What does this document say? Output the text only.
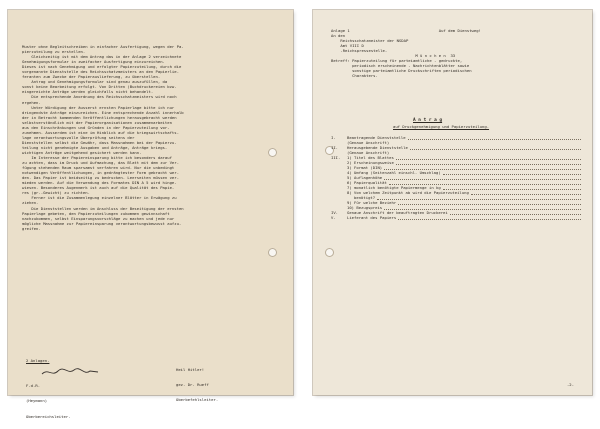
Muster ohne Begleitschreiben in einfacher Ausfertigung, wegen der Pa-

pierzuteilung zu erstellen.

Gleichzeitig ist mit dem Antrag das in der Anlage 2 verzeichnete

Genehmigungsformular in zweifacher Ausfertigung einzureichen.

Dieses ist nach Genehmigung und erfolgter Papierzuteilung, durch die

vorgenannte Dienststelle des Reichsschatzmeisters an den Papierlie-

feranten zum Zwecke der Papierauslieferung, zu überstellen.

Antrag und Genehmigungsformular sind genau auszufüllen, da

sonst keine Bearbeitung erfolgt. Von Dritten (Buchdruckereien bzw.

eingereichte Anträge werden gleichfalls nicht behandelt.

Die entsprechende Anordnung des Reichsschatzmeisters wird noch

ergehen.

Unter Würdigung der äusserst ernsten Papierlage bitte ich nur

dringendste Anträge einzureichen. Eine entsprechende Anzahl innerhalb

der in Betracht kommenden Veröffentlichungen herausgebracht werden

selbstverständlich mit der Papierorganisationen zusammenarbeiten

aus den Einschränkungen und Gründen in der Papierzuteilung vor-

zunehmen. Ausserdem ist eine im Hinblick auf die kriegswirtschafts-

lage verantwortungsvolle Überprüfung seitens der

Dienststellen selbst die Gewähr, dass Massnahmen bei der Papierzu-

teilung nicht genehmigte Ausgaben und Anträge, Anträge kriegs-

wichtigen Anträge weitgehend gesichert werden kann.

Im Interesse der Papiereinsparung bitte ich besonders darauf

zu achten, dass im Druck und Aufmachung, das Blatt mit dem zur Ver-

fügung stehenden Raum sparsamst verfahren wird. Nur die unbedingt

notwendigen Veröffentlichungen, in gedrängtester Form gebracht wer-

den. Das Papier ist beidseitig zu bedrucken. Leerseiten müssen ver-

mieden werden. Auf die Verwendung des Formates DIN A 5 wird hinge-

wiesen. Besonderes Augenmerk ist auch auf die Qualität des Papie-

res (gr.-Gewicht) zu richten.

Ferner ist die Zusammenlegung einzelner Blätter in Erwägung zu

ziehen.

Die Dienststellen werden im Anschluss der Beseitigung der ernsten

Papierlage gebeten, den Papierzuteilungen zukommen gewinnschaft

nachzukommen, selbst Einsparungsvorschläge zu machen und jede nur

mögliche Massnahme zur Papiereinsparung verantwortungsbewusst aufzu-

greifen.

2 Anlagen.

F.d.R.

(Heymann)

Oberbereichsleiter.

Heil Hitler!

gez. Dr. Rueff

Oberbefehlsleiter.

Anlage 1                                      Auf dem Dienstweg!
An den
Reichsschatzmeister der NSDAP
Amt VIII D
-Reichspressestelle-
M ü n c h e n  33
Betreff: Papierzuteilung für parteiamtliche - gedruckte,
periodisch erscheinende - Nachrichtenblätter sowie
sonstige parteiamtliche Druckschriften periodischen
Charakters.
A n t r a g
auf Druckgenehmigung und Papierzuteilung.
I.	Beantragende Dienststelle
(Genaue Anschrift)
II.	Herausgebende Dienststelle
(Genaue Anschrift)
III.	1) Titel des Blattes
2) Erscheinungsweise
3) Format (DIN)
4) Umfang (Seitenzahl einschl. Umschlag)
5) Auflagenhöhe
6) Papierqualität
7) monatlich benötigte Papiermenge in kg
8) Von welchem Zeitpunkt ab wird die Papierzuteilung
benötigt?
9) Für welche Beziehr
10) Bezugspreis
IV.	Genaue Anschrift der beauftragten Druckerei
V.	Lieferant des Papiers
-2-
